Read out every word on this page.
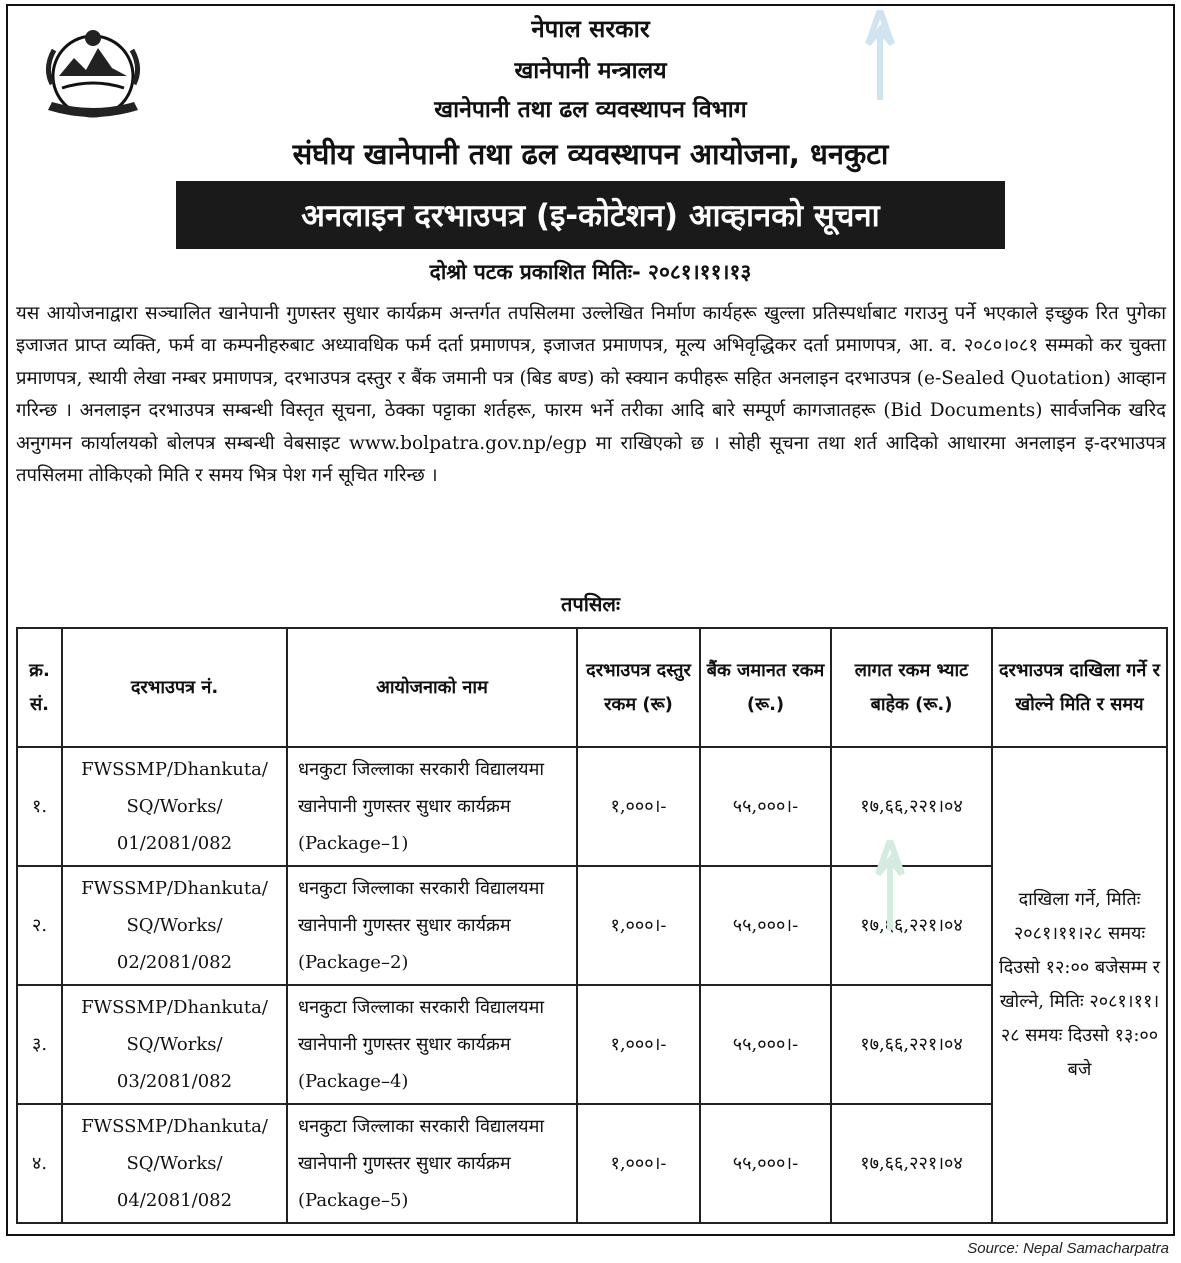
नेपाल सरकार
खानेपानी मन्त्रालय
खानेपानी तथा ढल व्यवस्थापन विभाग
संघीय खानेपानी तथा ढल व्यवस्थापन आयोजना, धनकुटा
अनलाइन दरभाउपत्र (इ-कोटेशन) आव्हानको सूचना
दोश्रो पटक प्रकाशित मितिः- २०८१।११।१३
यस आयोजनाद्वारा सञ्चालित खानेपानी गुणस्तर सुधार कार्यक्रम अन्तर्गत तपसिलमा उल्लेखित निर्माण कार्यहरू खुल्ला प्रतिस्पर्धाबाट गराउनु पर्ने भएकाले इच्छुक रित पुगेका इजाजत प्राप्त व्यक्ति, फर्म वा कम्पनीहरुबाट अध्यावधिक फर्म दर्ता प्रमाणपत्र, इजाजत प्रमाणपत्र, मूल्य अभिवृद्धिकर दर्ता प्रमाणपत्र, आ. व. २०८०।०८१ सम्मको कर चुक्ता प्रमाणपत्र, स्थायी लेखा नम्बर प्रमाणपत्र, दरभाउपत्र दस्तुर र बैंक जमानी पत्र (बिड बण्ड) को स्क्यान कपीहरू सहित अनलाइन दरभाउपत्र (e-Sealed Quotation) आव्हान गरिन्छ । अनलाइन दरभाउपत्र सम्बन्धी विस्तृत सूचना, ठेक्का पट्टाका शर्तहरू, फारम भर्ने तरीका आदि बारे सम्पूर्ण कागजातहरू (Bid Documents) सार्वजनिक खरिद अनुगमन कार्यालयको बोलपत्र सम्बन्धी वेबसाइट www.bolpatra.gov.np/egp मा राखिएको छ । सोही सूचना तथा शर्त आदिको आधारमा अनलाइन इ-दरभाउपत्र तपसिलमा तोकिएको मिति र समय भित्र पेश गर्न सूचित गरिन्छ ।
तपसिलः
क्र. सं.	दरभाउपत्र नं.	आयोजनाको नाम	दरभाउपत्र दस्तुर रकम (रू)	बैंक जमानत रकम (रू.)	लागत रकम भ्याट बाहेक (रू.)	दरभाउपत्र दाखिला गर्ने र खोल्ने मिति र समय
१.	FWSSMP/Dhankuta/ SQ/Works/ 01/2081/082	धनकुटा जिल्लाका सरकारी विद्यालयमा खानेपानी गुणस्तर सुधार कार्यक्रम (Package–1)	१,०००।-	५५,०००।-	१७,६६,२२१।०४	दाखिला गर्ने, मितिः २०८१।११।२८ समयः दिउसो १२:०० बजेसम्म र खोल्ने, मितिः २०८१।११।२८ समयः दिउसो १३:०० बजे
२.	FWSSMP/Dhankuta/ SQ/Works/ 02/2081/082	धनकुटा जिल्लाका सरकारी विद्यालयमा खानेपानी गुणस्तर सुधार कार्यक्रम (Package–2)	१,०००।-	५५,०००।-	१७,६६,२२१।०४	
३.	FWSSMP/Dhankuta/ SQ/Works/ 03/2081/082	धनकुटा जिल्लाका सरकारी विद्यालयमा खानेपानी गुणस्तर सुधार कार्यक्रम (Package–4)	१,०००।-	५५,०००।-	१७,६६,२२१।०४	
४.	FWSSMP/Dhankuta/ SQ/Works/ 04/2081/082	धनकुटा जिल्लाका सरकारी विद्यालयमा खानेपानी गुणस्तर सुधार कार्यक्रम (Package–5)	१,०००।-	५५,०००।-	१७,६६,२२१।०४	
Source: Nepal Samacharpatra
